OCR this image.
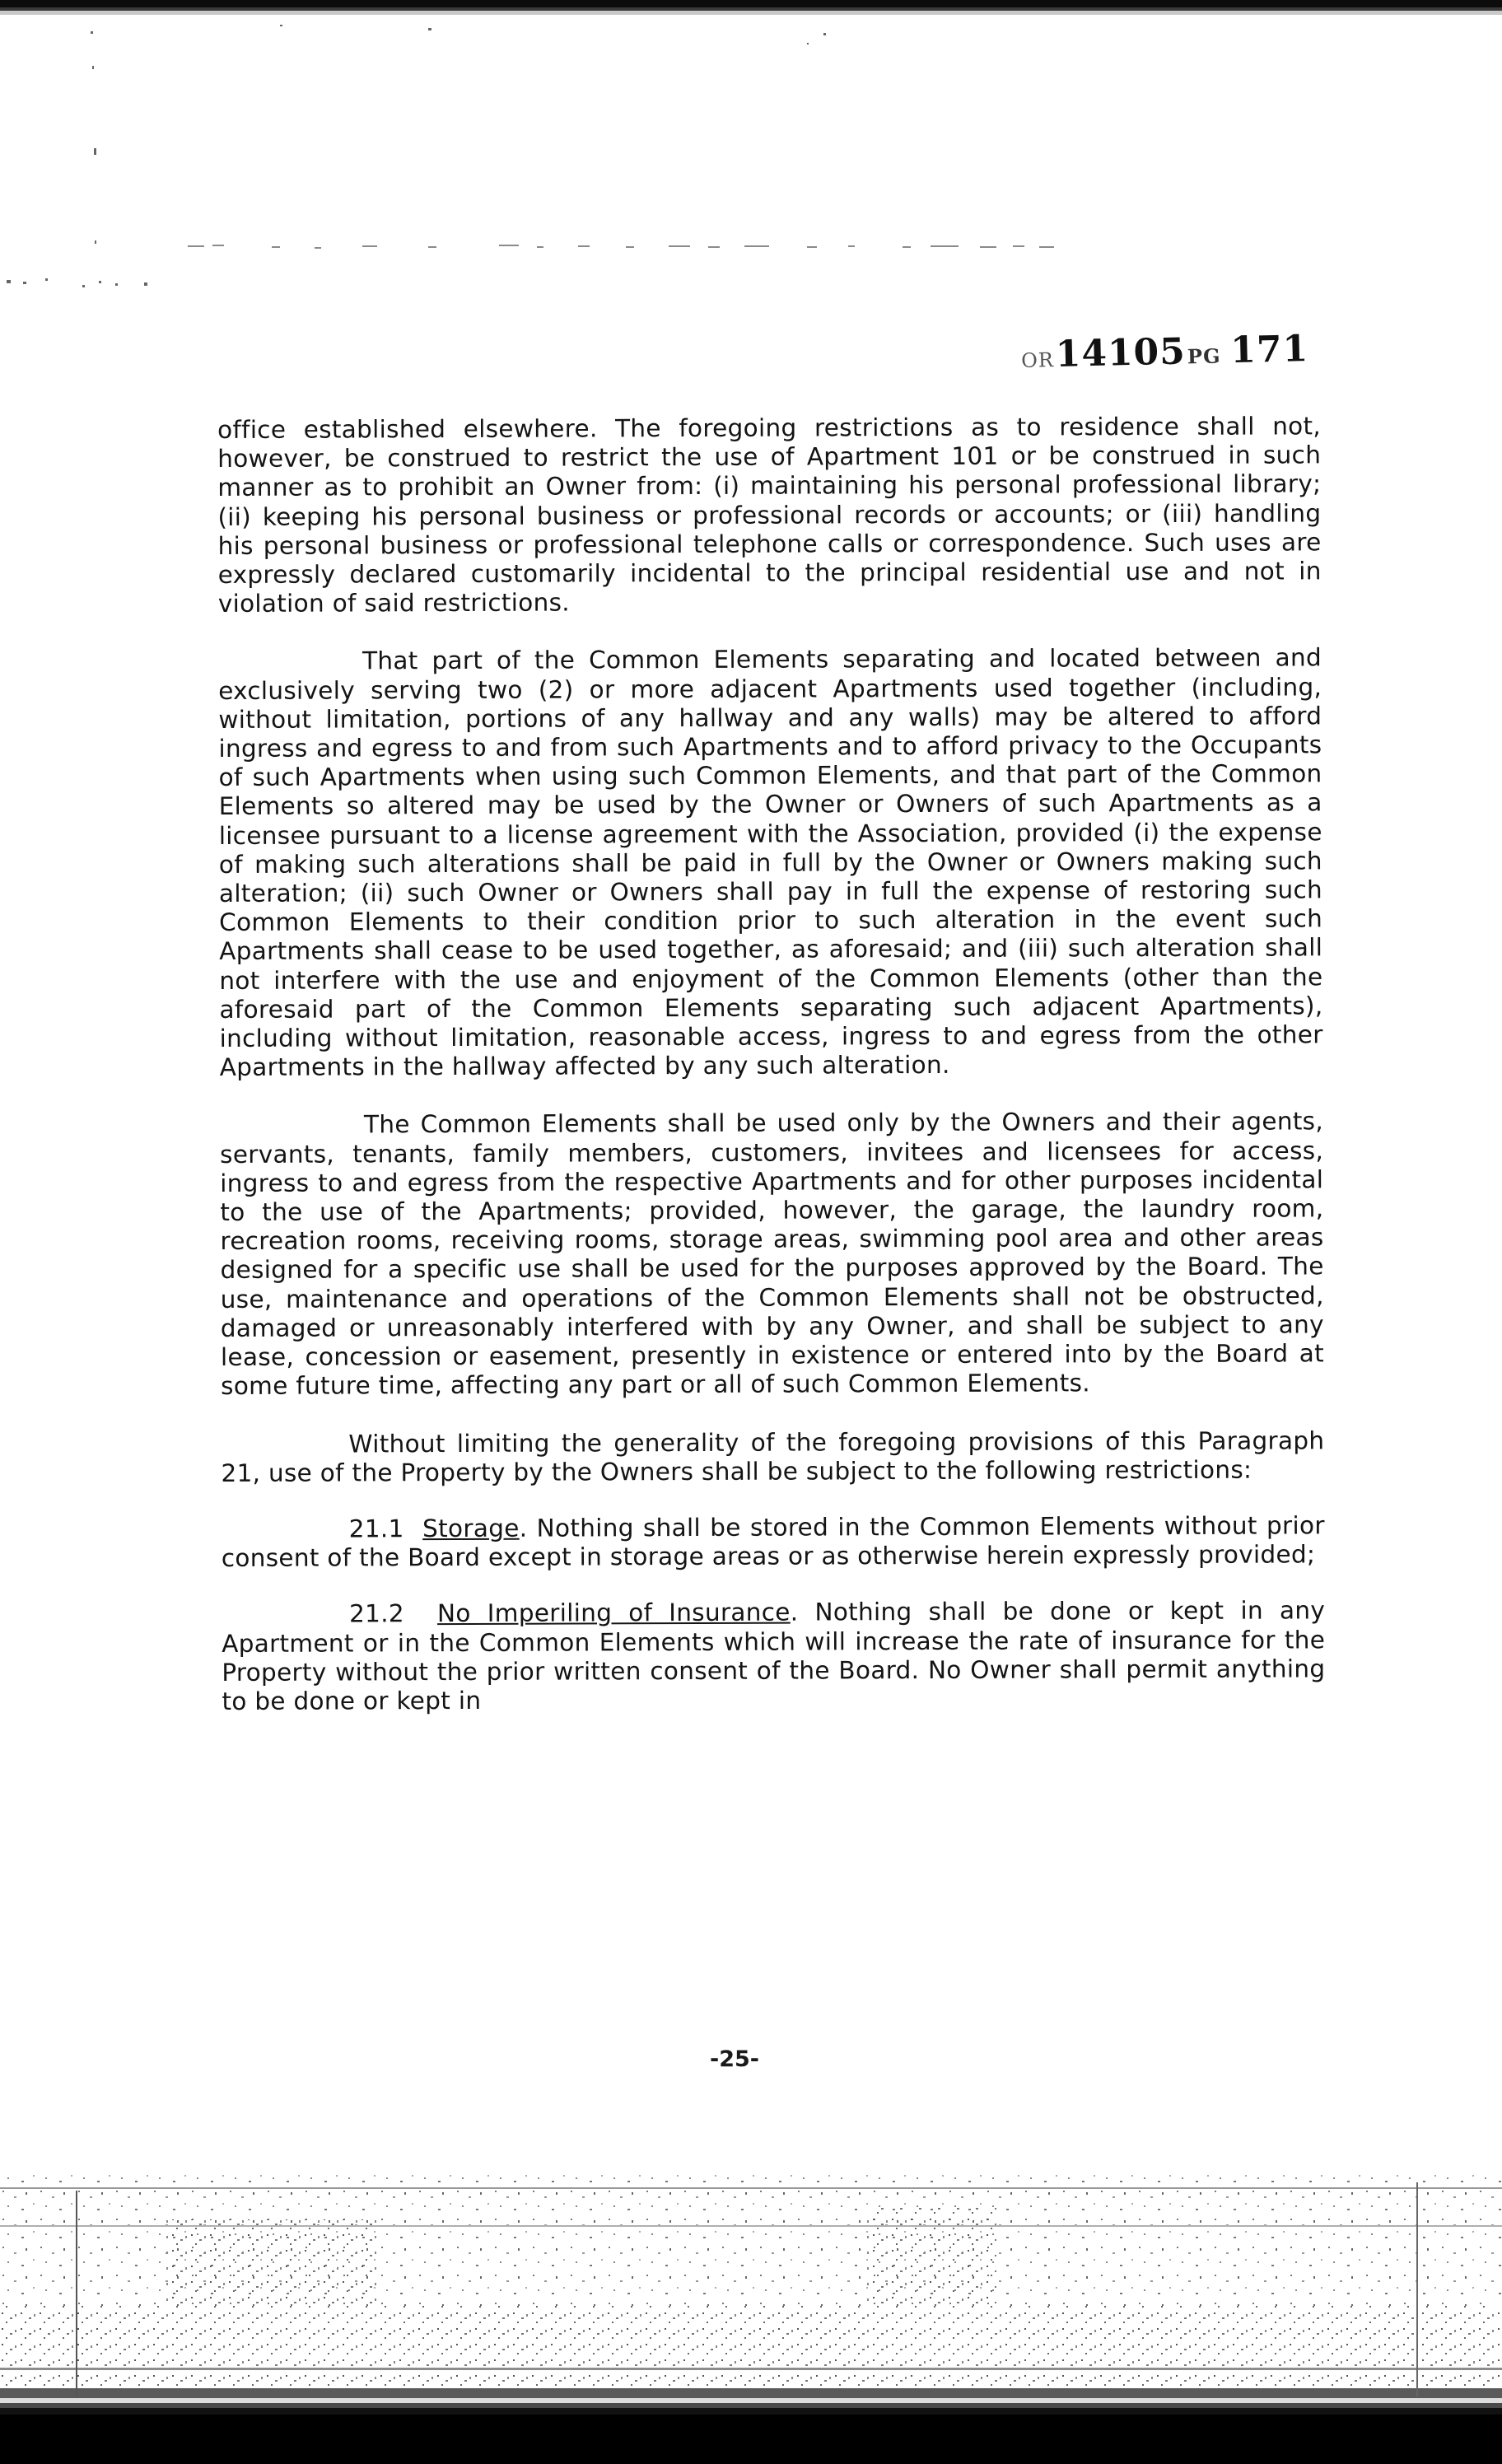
OR14105PG 171

office established elsewhere. The foregoing restrictions as to residence shall not, however, be construed to restrict the use of Apartment 101 or be construed in such manner as to prohibit an Owner from: (i) maintaining his personal professional library; (ii) keeping his personal business or professional records or accounts; or (iii) handling his personal business or professional telephone calls or correspondence. Such uses are expressly declared customarily incidental to the principal residential use and not in violation of said restrictions.

That part of the Common Elements separating and located between and exclusively serving two (2) or more adjacent Apartments used together (including, without limitation, portions of any hallway and any walls) may be altered to afford ingress and egress to and from such Apartments and to afford privacy to the Occupants of such Apartments when using such Common Elements, and that part of the Common Elements so altered may be used by the Owner or Owners of such Apartments as a licensee pursuant to a license agreement with the Association, provided (i) the expense of making such alterations shall be paid in full by the Owner or Owners making such alteration; (ii) such Owner or Owners shall pay in full the expense of restoring such Common Elements to their condition prior to such alteration in the event such Apartments shall cease to be used together, as aforesaid; and (iii) such alteration shall not interfere with the use and enjoyment of the Common Elements (other than the aforesaid part of the Common Elements separating such adjacent Apartments), including without limitation, reasonable access, ingress to and egress from the other Apartments in the hallway affected by any such alteration.

The Common Elements shall be used only by the Owners and their agents, servants, tenants, family members, customers, invitees and licensees for access, ingress to and egress from the respective Apartments and for other purposes incidental to the use of the Apartments; provided, however, the garage, the laundry room, recreation rooms, receiving rooms, storage areas, swimming pool area and other areas designed for a specific use shall be used for the purposes approved by the Board. The use, maintenance and operations of the Common Elements shall not be obstructed, damaged or unreasonably interfered with by any Owner, and shall be subject to any lease, concession or easement, presently in existence or entered into by the Board at some future time, affecting any part or all of such Common Elements.

Without limiting the generality of the foregoing provisions of this Paragraph 21, use of the Property by the Owners shall be subject to the following restrictions:

21.1 Storage. Nothing shall be stored in the Common Elements without prior consent of the Board except in storage areas or as otherwise herein expressly provided;

21.2 No Imperiling of Insurance. Nothing shall be done or kept in any Apartment or in the Common Elements which will increase the rate of insurance for the Property without the prior written consent of the Board. No Owner shall permit anything to be done or kept in

-25-
